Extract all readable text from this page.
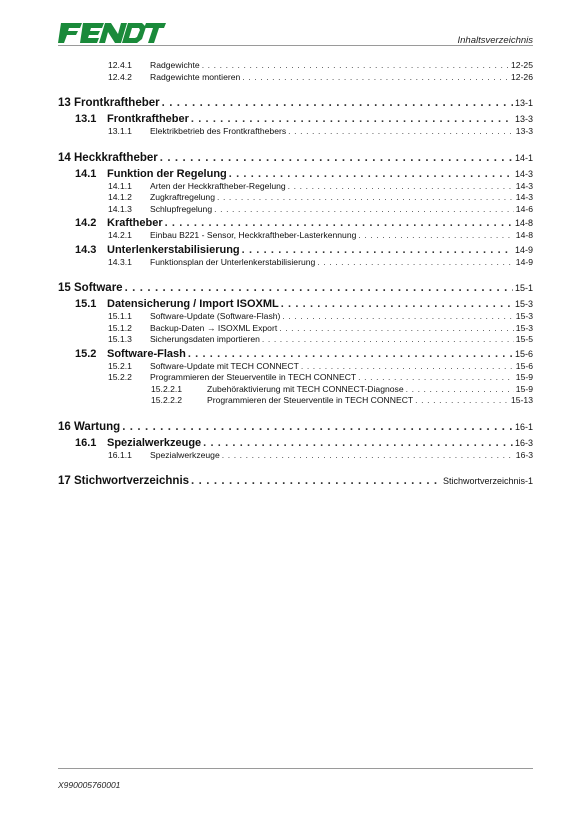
FENDT
Inhaltsverzeichnis
12.4.1	Radgewichte . . .	12-25
12.4.2	Radgewichte montieren . . .	12-26
13 Frontkraftheber . . .	13-1
13.1 Frontkraftheber . . .	13-3
13.1.1	Elektrikbetrieb des Frontkrafthebers . . .	13-3
14 Heckkraftheber . . .	14-1
14.1 Funktion der Regelung . . .	14-3
14.1.1	Arten der Heckkraftheber-Regelung . . .	14-3
14.1.2	Zugkraftregelung . . .	14-3
14.1.3	Schlupfregelung . . .	14-6
14.2 Kraftheber . . .	14-8
14.2.1	Einbau B221 - Sensor, Heckkraftheber-Lasterkennung . . .	14-8
14.3 Unterlenkerstabilisierung . . .	14-9
14.3.1	Funktionsplan der Unterlenkerstabilisierung . . .	14-9
15 Software . . .	15-1
15.1 Datensicherung / Import ISOXML . . .	15-3
15.1.1	Software-Update (Software-Flash) . . .	15-3
15.1.2	Backup-Daten → ISOXML Export . . .	15-3
15.1.3	Sicherungsdaten importieren . . .	15-5
15.2 Software-Flash . . .	15-6
15.2.1	Software-Update mit TECH CONNECT . . .	15-6
15.2.2	Programmieren der Steuerventile in TECH CONNECT . . .	15-9
15.2.2.1	Zubehöraktivierung mit TECH CONNECT-Diagnose . . .	15-9
15.2.2.2	Programmieren der Steuerventile in TECH CONNECT . . .	15-13
16 Wartung . . .	16-1
16.1 Spezialwerkzeuge . . .	16-3
16.1.1	Spezialwerkzeuge . . .	16-3
17 Stichwortverzeichnis . . .	Stichwortverzeichnis-1
X990005760001
